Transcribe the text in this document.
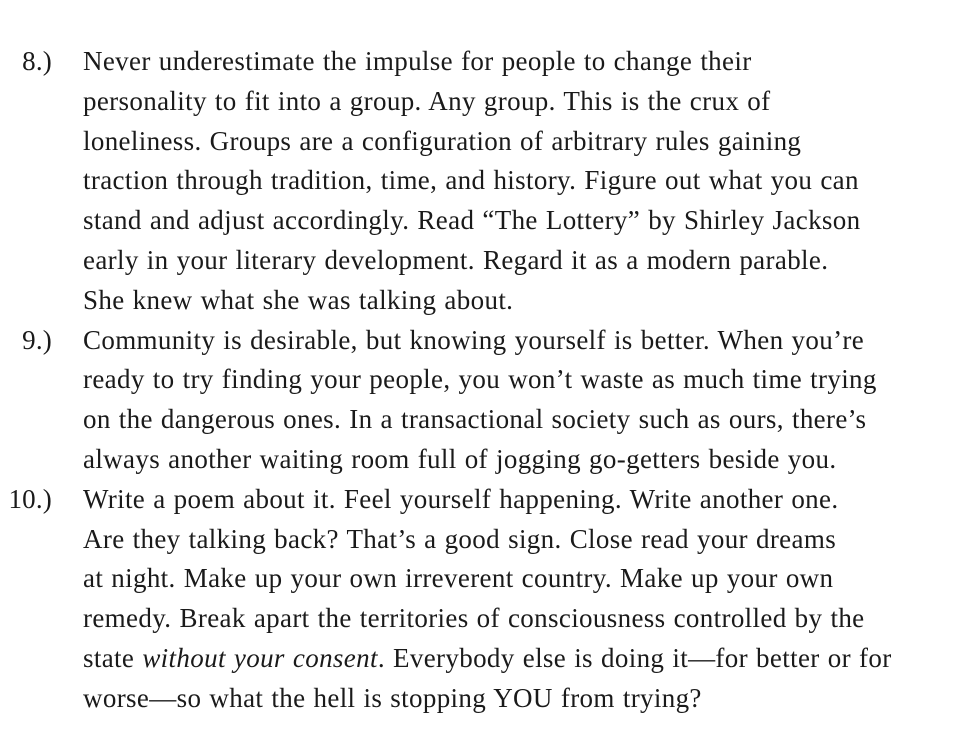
8.) Never underestimate the impulse for people to change their
personality to fit into a group. Any group. This is the crux of
loneliness. Groups are a configuration of arbitrary rules gaining
traction through tradition, time, and history. Figure out what you can
stand and adjust accordingly. Read “The Lottery” by Shirley Jackson
early in your literary development. Regard it as a modern parable.
She knew what she was talking about.
9.) Community is desirable, but knowing yourself is better. When you’re
ready to try finding your people, you won’t waste as much time trying
on the dangerous ones. In a transactional society such as ours, there’s
always another waiting room full of jogging go-getters beside you.
10.) Write a poem about it. Feel yourself happening. Write another one.
Are they talking back? That’s a good sign. Close read your dreams
at night. Make up your own irreverent country. Make up your own
remedy. Break apart the territories of consciousness controlled by the
state without your consent. Everybody else is doing it—for better or for
worse—so what the hell is stopping YOU from trying?
